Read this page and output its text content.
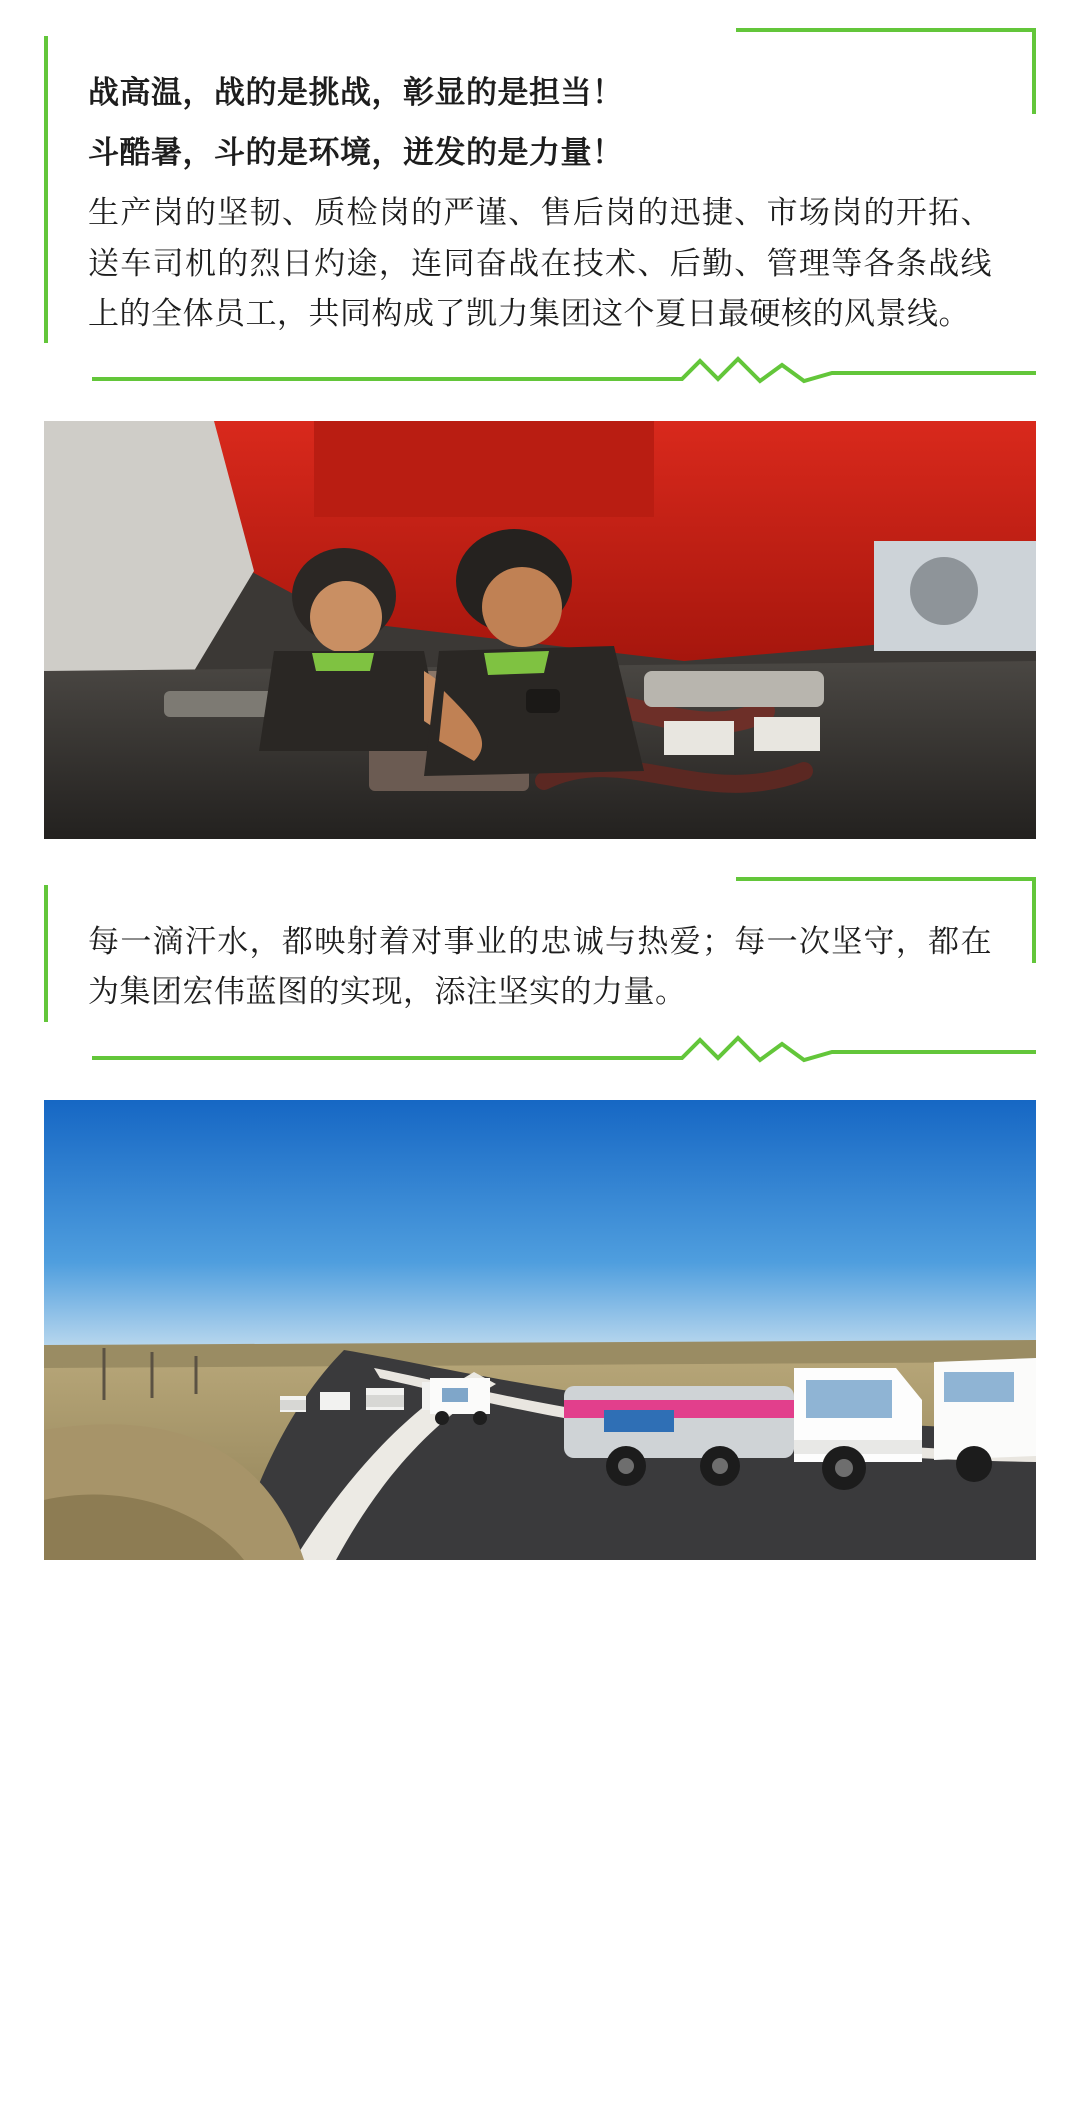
战高温，战的是挑战，彰显的是担当！

斗酷暑，斗的是环境，迸发的是力量！

生产岗的坚韧、质检岗的严谨、售后岗的迅捷、市场岗的开拓、送车司机的烈日灼途，连同奋战在技术、后勤、管理等各条战线上的全体员工，共同构成了凯力集团这个夏日最硬核的风景线。

每一滴汗水，都映射着对事业的忠诚与热爱；每一次坚守，都在为集团宏伟蓝图的实现，添注坚实的力量。
